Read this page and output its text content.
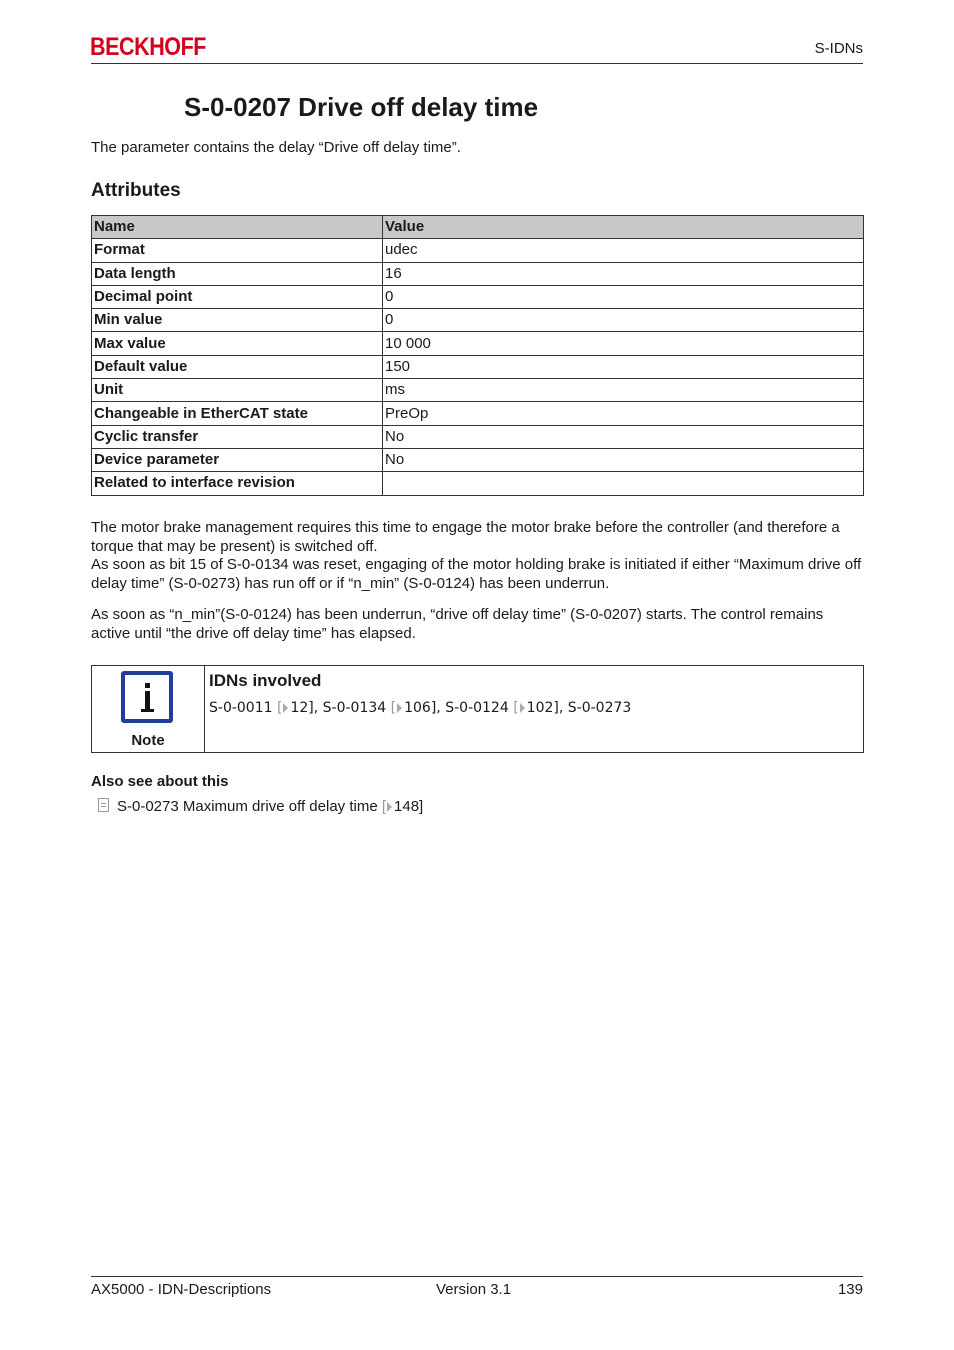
BECKHOFF	S-IDNs
S-0-0207 Drive off delay time
The parameter contains the delay “Drive off delay time”.
Attributes
Name	Value
Format	udec
Data length	16
Decimal point	0
Min value	0
Max value	10 000
Default value	150
Unit	ms
Changeable in EtherCAT state	PreOp
Cyclic transfer	No
Device parameter	No
Related to interface revision	

The motor brake management requires this time to engage the motor brake before the controller (and therefore a torque that may be present) is switched off.

As soon as bit 15 of S-0-0134 was reset, engaging of the motor holding brake is initiated if either “Maximum drive off delay time” (S-0-0273) has run off or if “n_min” (S-0-0124) has been underrun.

As soon as “n_min”(S-0-0124) has been underrun, “drive off delay time” (S-0-0207) starts. The control remains active until “the drive off delay time” has elapsed.

Note
IDNs involved
S-0-0011 [ 12], S-0-0134 [ 106], S-0-0124 [ 102], S-0-0273
Also see about this
S-0-0273 Maximum drive off delay time [ 148]
AX5000 - IDN-Descriptions	Version 3.1	139
